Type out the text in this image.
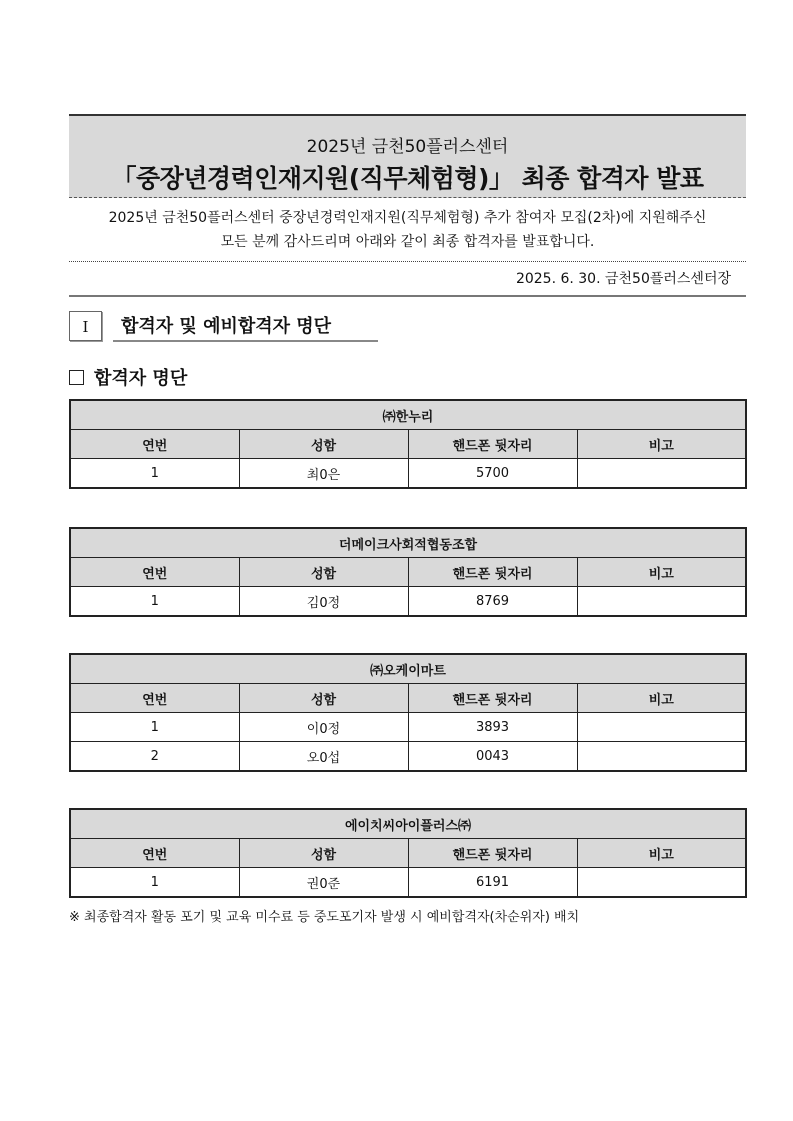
2025년 금천50플러스센터
「중장년경력인재지원(직무체험형)」 최종 합격자 발표
2025년 금천50플러스센터 중장년경력인재지원(직무체험형) 추가 참여자 모집(2차)에 지원해주신
모든 분께 감사드리며 아래와 같이 최종 합격자를 발표합니다.
2025. 6. 30. 금천50플러스센터장
Ⅰ	합격자 및 예비합격자 명단
합격자 명단
㈜한누리			
연번	성함	핸드폰 뒷자리	비고
1	최0은	5700	
더메이크사회적협동조합			
연번	성함	핸드폰 뒷자리	비고
1	김0정	8769	
㈜오케이마트			
연번	성함	핸드폰 뒷자리	비고
1	이0정	3893	
2	오0섭	0043	
에이치씨아이플러스㈜			
연번	성함	핸드폰 뒷자리	비고
1	권0준	6191	
※ 최종합격자 활동 포기 및 교육 미수료 등 중도포기자 발생 시 예비합격자(차순위자) 배치
